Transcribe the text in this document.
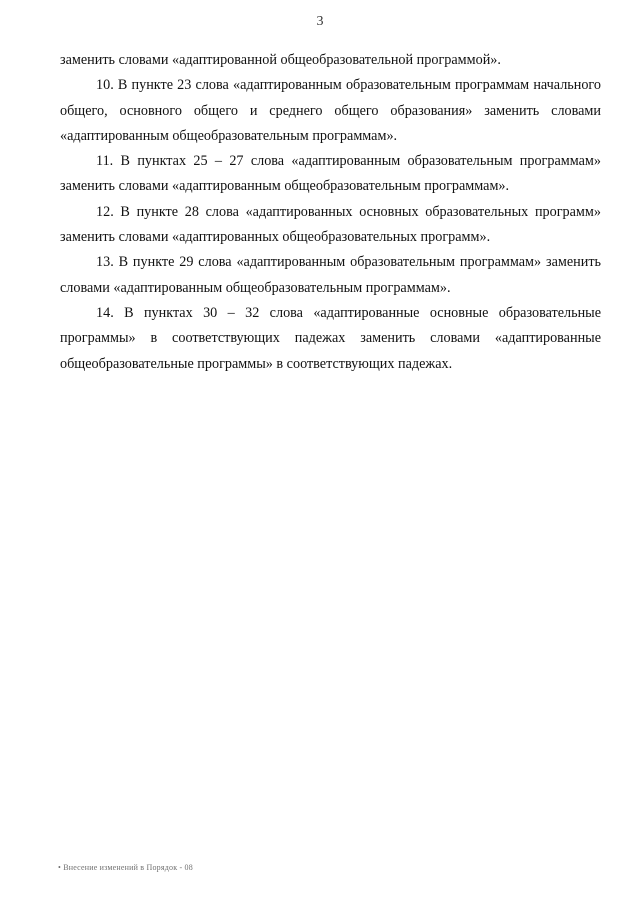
3

заменить словами «адаптированной общеобразовательной программой».

10. В пункте 23 слова «адаптированным образовательным программам начального общего, основного общего и среднего общего образования» заменить словами «адаптированным общеобразовательным программам».

11. В пунктах 25 – 27 слова «адаптированным образовательным программам» заменить словами «адаптированным общеобразовательным программам».

12. В пункте 28 слова «адаптированных основных образовательных программ» заменить словами «адаптированных общеобразовательных программ».

13. В пункте 29 слова «адаптированным образовательным программам» заменить словами «адаптированным общеобразовательным программам».

14. В пунктах 30 – 32 слова «адаптированные основные образовательные программы» в соответствующих падежах заменить словами «адаптированные общеобразовательные программы» в соответствующих падежах.

• Внесение изменений в Порядок - 08
